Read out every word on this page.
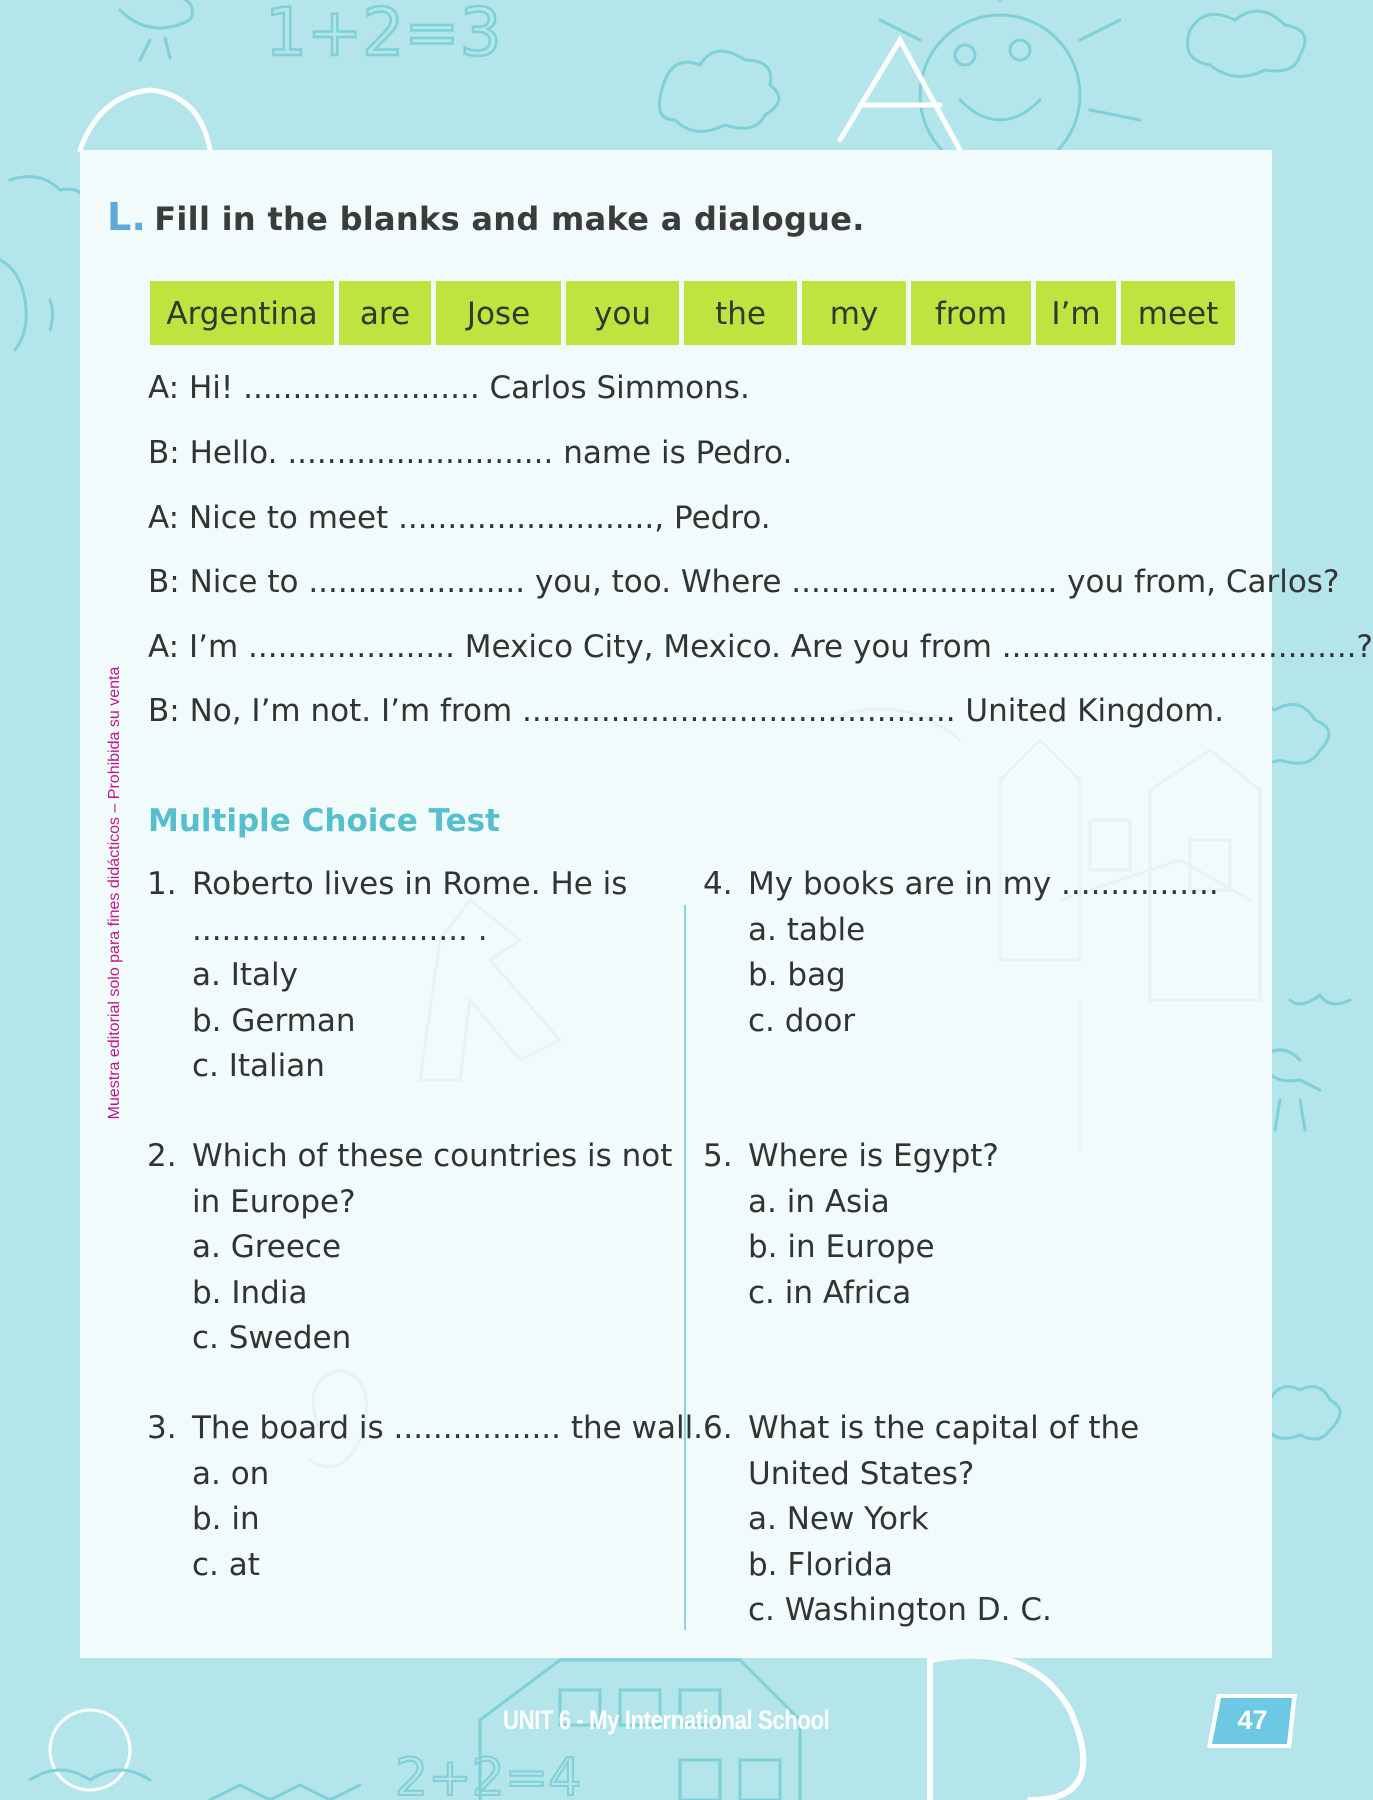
1+2=3
2+2=4
Muestra editorial solo para fines didácticos – Prohibida su venta
L. Fill in the blanks and make a dialogue.
Argentina	are	Jose	you	the	my	from	I’m	meet
A: Hi! ........................ Carlos Simmons.
B: Hello. ........................... name is Pedro.
A: Nice to meet .........................., Pedro.
B: Nice to ...................... you, too. Where ........................... you from, Carlos?
A: I’m ..................... Mexico City, Mexico. Are you from ....................................?
B: No, I’m not. I’m from ............................................ United Kingdom.
Multiple Choice Test
1. Roberto lives in Rome. He is
............................ .
a. Italy
b. German
c. Italian
2. Which of these countries is not
in Europe?
a. Greece
b. India
c. Sweden
3. The board is ................. the wall.
a. on
b. in
c. at
4. My books are in my ................
a. table
b. bag
c. door
5. Where is Egypt?
a. in Asia
b. in Europe
c. in Africa
6. What is the capital of the
United States?
a. New York
b. Florida
c. Washington D. C.
UNIT 6 - My International School	47
